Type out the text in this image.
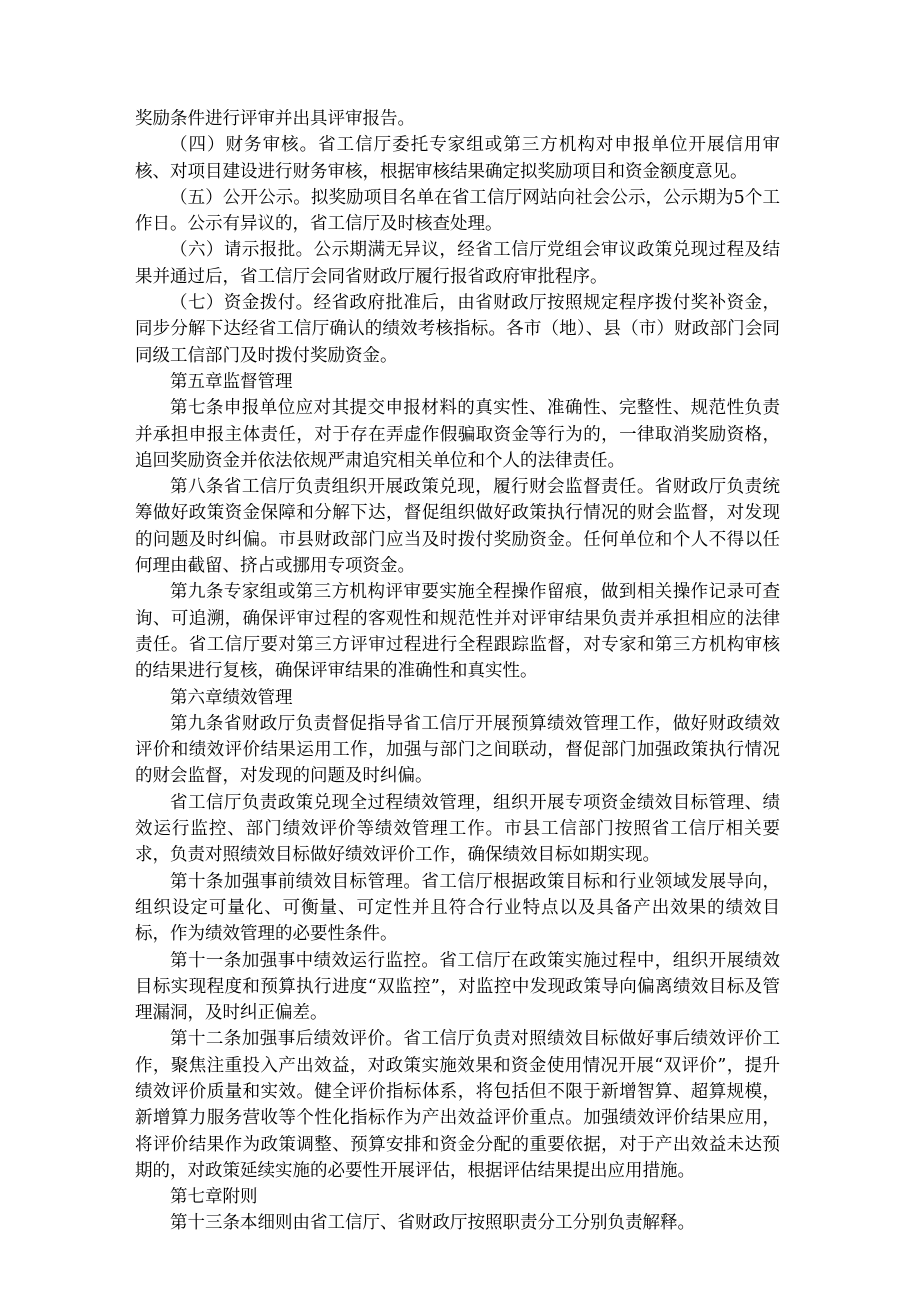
奖励条件进行评审并出具评审报告。

（四）财务审核。省工信厅委托专家组或第三方机构对申报单位开展信用审核、对项目建设进行财务审核，根据审核结果确定拟奖励项目和资金额度意见。

（五）公开公示。拟奖励项目名单在省工信厅网站向社会公示，公示期为5个工作日。公示有异议的，省工信厅及时核查处理。

（六）请示报批。公示期满无异议，经省工信厅党组会审议政策兑现过程及结果并通过后，省工信厅会同省财政厅履行报省政府审批程序。

（七）资金拨付。经省政府批准后，由省财政厅按照规定程序拨付奖补资金，同步分解下达经省工信厅确认的绩效考核指标。各市（地）、县（市）财政部门会同同级工信部门及时拨付奖励资金。

第五章监督管理

第七条申报单位应对其提交申报材料的真实性、准确性、完整性、规范性负责并承担申报主体责任，对于存在弄虚作假骗取资金等行为的，一律取消奖励资格，追回奖励资金并依法依规严肃追究相关单位和个人的法律责任。

第八条省工信厅负责组织开展政策兑现，履行财会监督责任。省财政厅负责统筹做好政策资金保障和分解下达，督促组织做好政策执行情况的财会监督，对发现的问题及时纠偏。市县财政部门应当及时拨付奖励资金。任何单位和个人不得以任何理由截留、挤占或挪用专项资金。

第九条专家组或第三方机构评审要实施全程操作留痕，做到相关操作记录可查询、可追溯，确保评审过程的客观性和规范性并对评审结果负责并承担相应的法律责任。省工信厅要对第三方评审过程进行全程跟踪监督，对专家和第三方机构审核的结果进行复核，确保评审结果的准确性和真实性。

第六章绩效管理

第九条省财政厅负责督促指导省工信厅开展预算绩效管理工作，做好财政绩效评价和绩效评价结果运用工作，加强与部门之间联动，督促部门加强政策执行情况的财会监督，对发现的问题及时纠偏。

省工信厅负责政策兑现全过程绩效管理，组织开展专项资金绩效目标管理、绩效运行监控、部门绩效评价等绩效管理工作。市县工信部门按照省工信厅相关要求，负责对照绩效目标做好绩效评价工作，确保绩效目标如期实现。

第十条加强事前绩效目标管理。省工信厅根据政策目标和行业领域发展导向，组织设定可量化、可衡量、可定性并且符合行业特点以及具备产出效果的绩效目标，作为绩效管理的必要性条件。

第十一条加强事中绩效运行监控。省工信厅在政策实施过程中，组织开展绩效目标实现程度和预算执行进度“双监控”，对监控中发现政策导向偏离绩效目标及管理漏洞，及时纠正偏差。

第十二条加强事后绩效评价。省工信厅负责对照绩效目标做好事后绩效评价工作，聚焦注重投入产出效益，对政策实施效果和资金使用情况开展“双评价”，提升绩效评价质量和实效。健全评价指标体系，将包括但不限于新增智算、超算规模，新增算力服务营收等个性化指标作为产出效益评价重点。加强绩效评价结果应用，将评价结果作为政策调整、预算安排和资金分配的重要依据，对于产出效益未达预期的，对政策延续实施的必要性开展评估，根据评估结果提出应用措施。

第七章附则

第十三条本细则由省工信厅、省财政厅按照职责分工分别负责解释。
